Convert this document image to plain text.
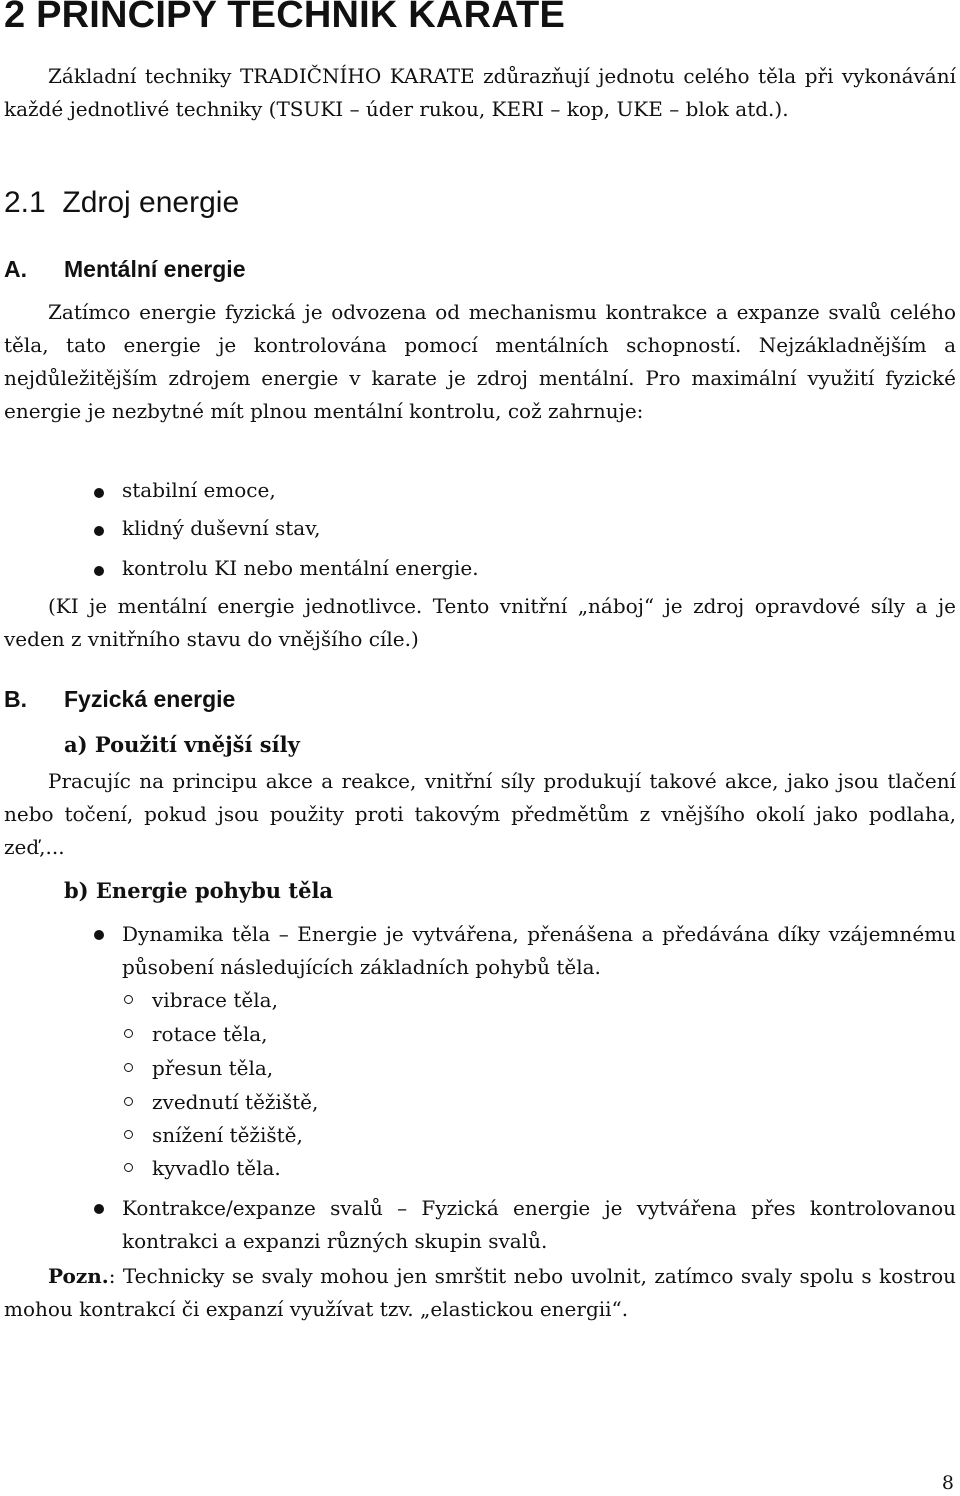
2 PRINCIPY TECHNIK KARATE
Základní techniky TRADIČNÍHO KARATE zdůrazňují jednotu celého těla při vykonávání každé jednotlivé techniky (TSUKI – úder rukou, KERI – kop, UKE – blok atd.).
2.1  Zdroj energie
A. Mentální energie
Zatímco energie fyzická je odvozena od mechanismu kontrakce a expanze svalů celého těla, tato energie je kontrolována pomocí mentálních schopností. Nejzákladnějším a nejdůležitějším zdrojem energie v karate je zdroj mentální. Pro maximální využití fyzické energie je nezbytné mít plnou mentální kontrolu, což zahrnuje:
stabilní emoce,
klidný duševní stav,
kontrolu KI nebo mentální energie.
(KI je mentální energie jednotlivce. Tento vnitřní „náboj“ je zdroj opravdové síly a je veden z vnitřního stavu do vnějšího cíle.)
B. Fyzická energie
a) Použití vnější síly
Pracujíc na principu akce a reakce, vnitřní síly produkují takové akce, jako jsou tlačení nebo točení, pokud jsou použity proti takovým předmětům z vnějšího okolí jako podlaha, zeď,...
b) Energie pohybu těla
Dynamika těla – Energie je vytvářena, přenášena a předávána díky vzájemnému působení následujících základních pohybů těla.
vibrace těla,
rotace těla,
přesun těla,
zvednutí těžiště,
snížení těžiště,
kyvadlo těla.
Kontrakce/expanze svalů – Fyzická energie je vytvářena přes kontrolovanou kontrakci a expanzi různých skupin svalů.
Pozn.: Technicky se svaly mohou jen smrštit nebo uvolnit, zatímco svaly spolu s kostrou mohou kontrakcí či expanzí využívat tzv. „elastickou energii“.
8
